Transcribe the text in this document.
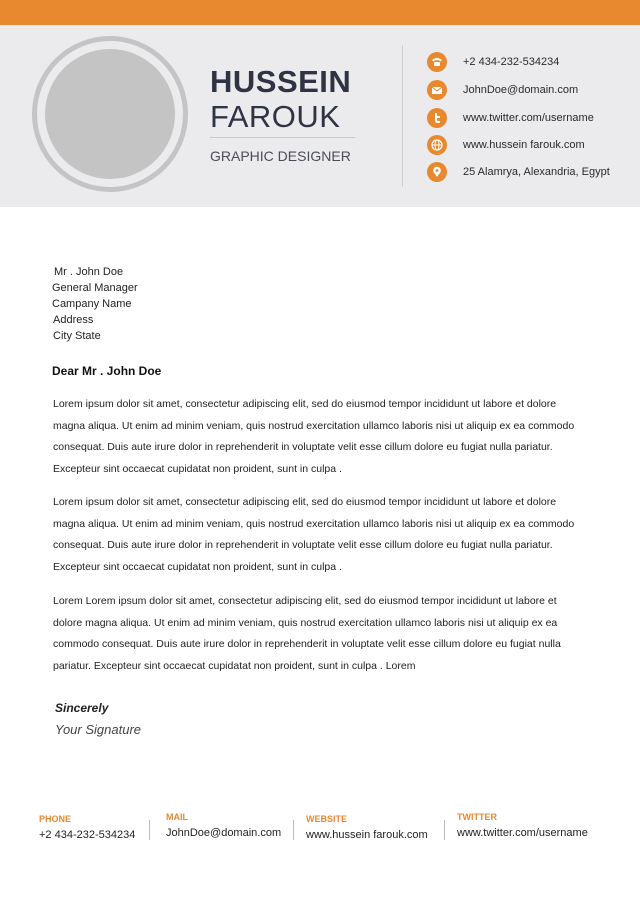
HUSSEIN
FAROUK
GRAPHIC DESIGNER
+2 434-232-534234
JohnDoe@domain.com
www.twitter.com/username
www.hussein farouk.com
25 Alamrya, Alexandria, Egypt
Mr . John Doe
General Manager
Campany Name
Address
City State
Dear Mr . John Doe

Lorem ipsum dolor sit amet, consectetur adipiscing elit, sed do eiusmod tempor incididunt ut labore et dolore magna aliqua. Ut enim ad minim veniam, quis nostrud exercitation ullamco laboris nisi ut aliquip ex ea commodo consequat. Duis aute irure dolor in reprehenderit in voluptate velit esse cillum dolore eu fugiat nulla pariatur. Excepteur sint occaecat cupidatat non proident, sunt in culpa .

Lorem ipsum dolor sit amet, consectetur adipiscing elit, sed do eiusmod tempor incididunt ut labore et dolore magna aliqua. Ut enim ad minim veniam, quis nostrud exercitation ullamco laboris nisi ut aliquip ex ea commodo consequat. Duis aute irure dolor in reprehenderit in voluptate velit esse cillum dolore eu fugiat nulla pariatur. Excepteur sint occaecat cupidatat non proident, sunt in culpa .

Lorem Lorem ipsum dolor sit amet, consectetur adipiscing elit, sed do eiusmod tempor incididunt ut labore et dolore magna aliqua. Ut enim ad minim veniam, quis nostrud exercitation ullamco laboris nisi ut aliquip ex ea commodo consequat. Duis aute irure dolor in reprehenderit in voluptate velit esse cillum dolore eu fugiat nulla pariatur. Excepteur sint occaecat cupidatat non proident, sunt in culpa . Lorem

Sincerely
Your Signature
PHONE
+2 434-232-534234
MAIL
JohnDoe@domain.com
WEBSITE
www.hussein farouk.com
TWITTER
www.twitter.com/username
